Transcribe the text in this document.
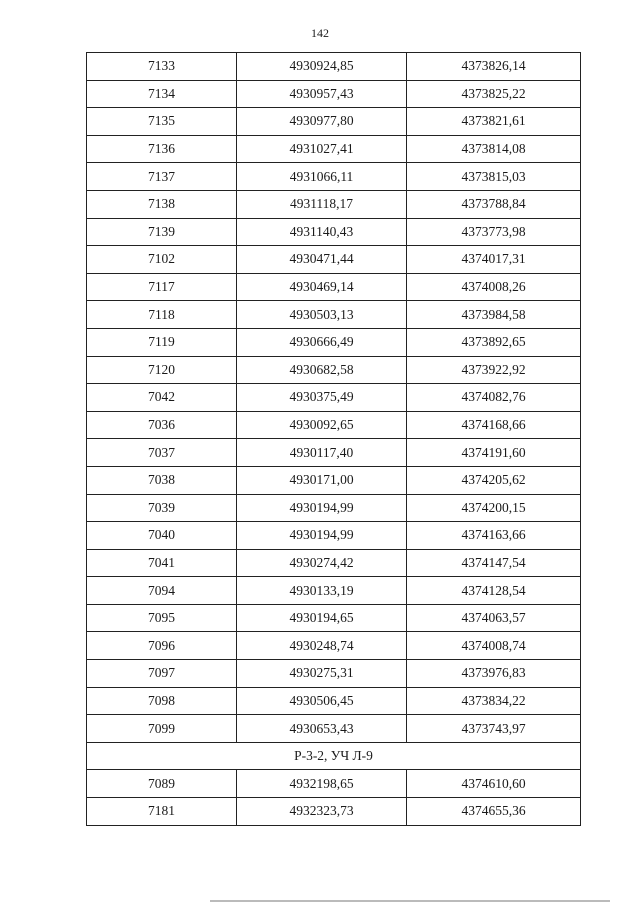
142
7133	4930924,85	4373826,14
7134	4930957,43	4373825,22
7135	4930977,80	4373821,61
7136	4931027,41	4373814,08
7137	4931066,11	4373815,03
7138	4931118,17	4373788,84
7139	4931140,43	4373773,98
7102	4930471,44	4374017,31
7117	4930469,14	4374008,26
7118	4930503,13	4373984,58
7119	4930666,49	4373892,65
7120	4930682,58	4373922,92
7042	4930375,49	4374082,76
7036	4930092,65	4374168,66
7037	4930117,40	4374191,60
7038	4930171,00	4374205,62
7039	4930194,99	4374200,15
7040	4930194,99	4374163,66
7041	4930274,42	4374147,54
7094	4930133,19	4374128,54
7095	4930194,65	4374063,57
7096	4930248,74	4374008,74
7097	4930275,31	4373976,83
7098	4930506,45	4373834,22
7099	4930653,43	4373743,97
Р-3-2, УЧ Л-9		
7089	4932198,65	4374610,60
7181	4932323,73	4374655,36
